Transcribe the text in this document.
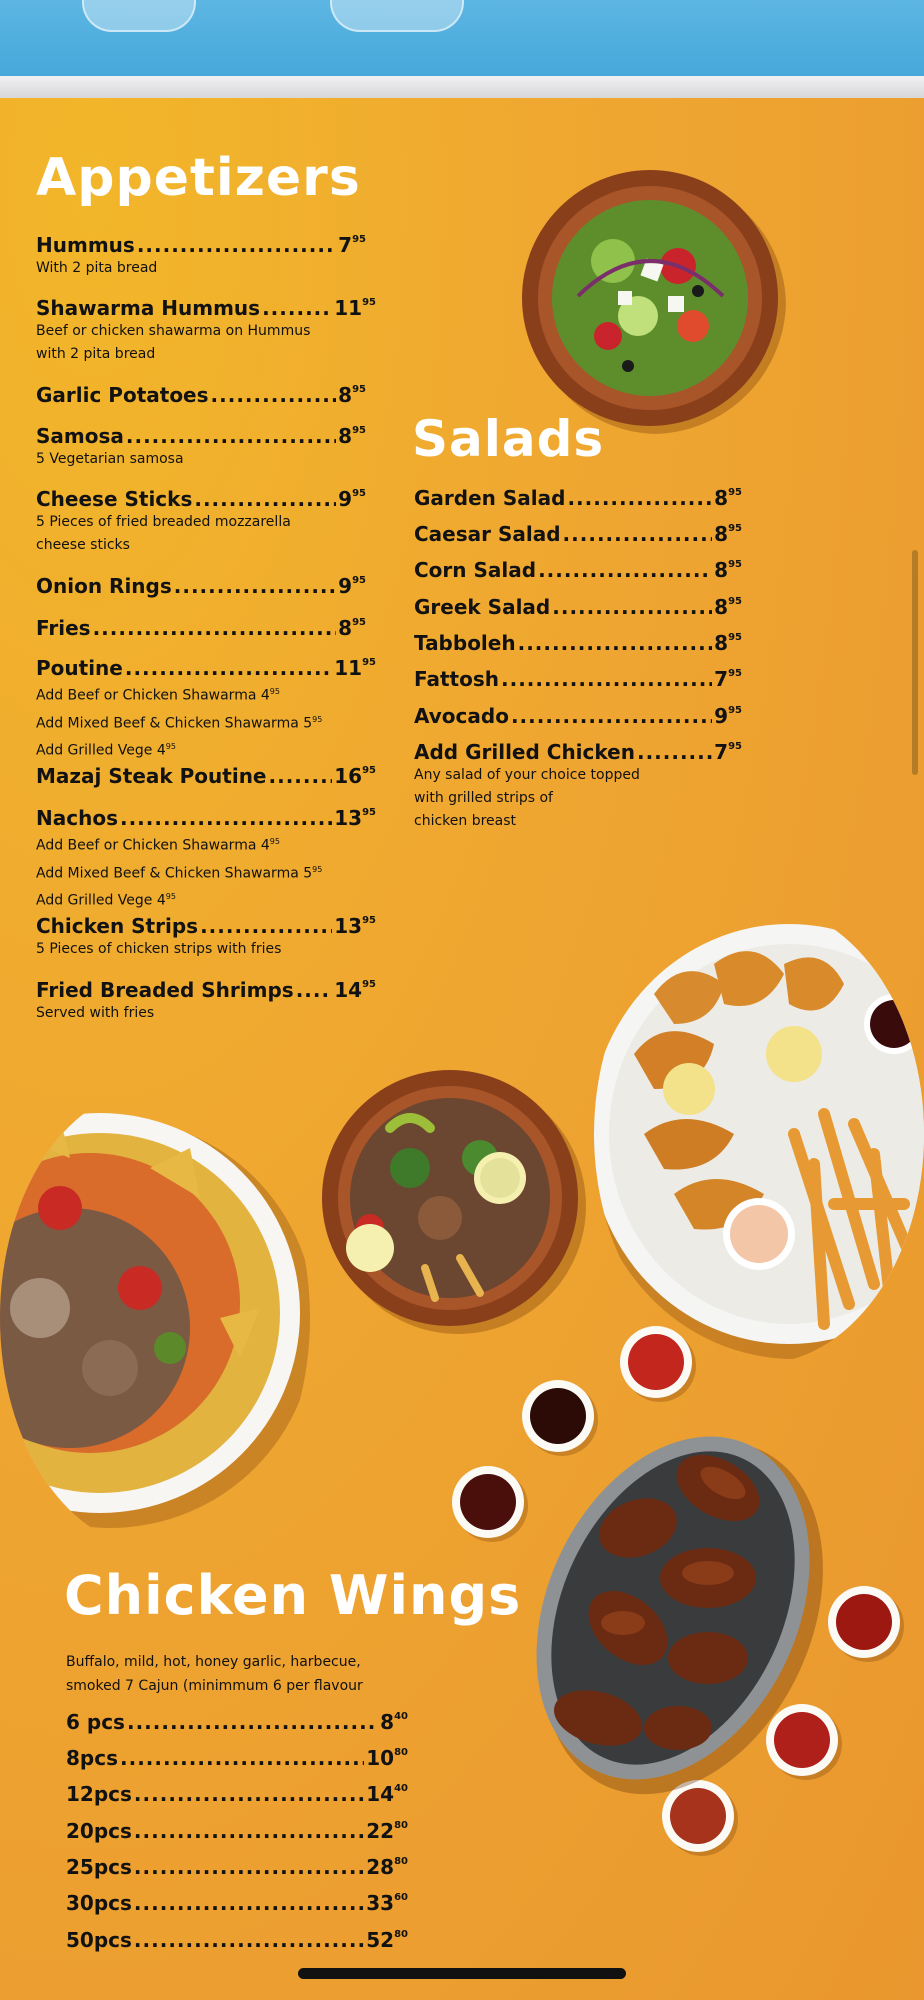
Appetizers
Hummus .....	$7^{95}$
With 2 pita bread
Shawarma Hummus .....	$11^{95}$
Beef or chicken shawarma on Hummus
with 2 pita bread
Garlic Potatoes .....	$8^{95}$
Samosa .....	$8^{95}$
5 Vegetarian samosa
Cheese Sticks .....	$9^{95}$
5 Pieces of fried breaded mozzarella
cheese sticks
Onion Rings .....	$9^{95}$
Fries .....	$8^{95}$
Poutine .....	$11^{95}$
Add Beef or Chicken Shawarma $4^{95}$
Add Mixed Beef & Chicken Shawarma $5^{95}$
Add Grilled Vege $4^{95}$
Mazaj Steak Poutine .....	$16^{95}$
Nachos .....	$13^{95}$
Add Beef or Chicken Shawarma $4^{95}$
Add Mixed Beef & Chicken Shawarma $5^{95}$
Add Grilled Vege $4^{95}$
Chicken Strips .....	$13^{95}$
5 Pieces of chicken strips with fries
Fried Breaded Shrimps ..... $14^{95}$
Served with fries
Salads
Garden Salad .....	$8^{95}$
Caesar Salad .....	$8^{95}$
Corn Salad .....	$8^{95}$
Greek Salad .....	$8^{95}$
Tabboleh .....	$8^{95}$
Fattosh .....	$7^{95}$
Avocado .....	$9^{95}$
Add Grilled Chicken .....	$7^{95}$
Any salad of your choice topped
with grilled strips of
chicken breast
Chicken Wings
Buffalo, mild, hot, honey garlic, harbecue,
smoked 7 Cajun (minimmum 6 per flavour
6 pcs .....	$8^{40}$
8pcs .....	$10^{80}$
12pcs .....	$14^{40}$
20pcs .....	$22^{80}$
25pcs .....	$28^{80}$
30pcs .....	$33^{60}$
50pcs .....	$52^{80}$
